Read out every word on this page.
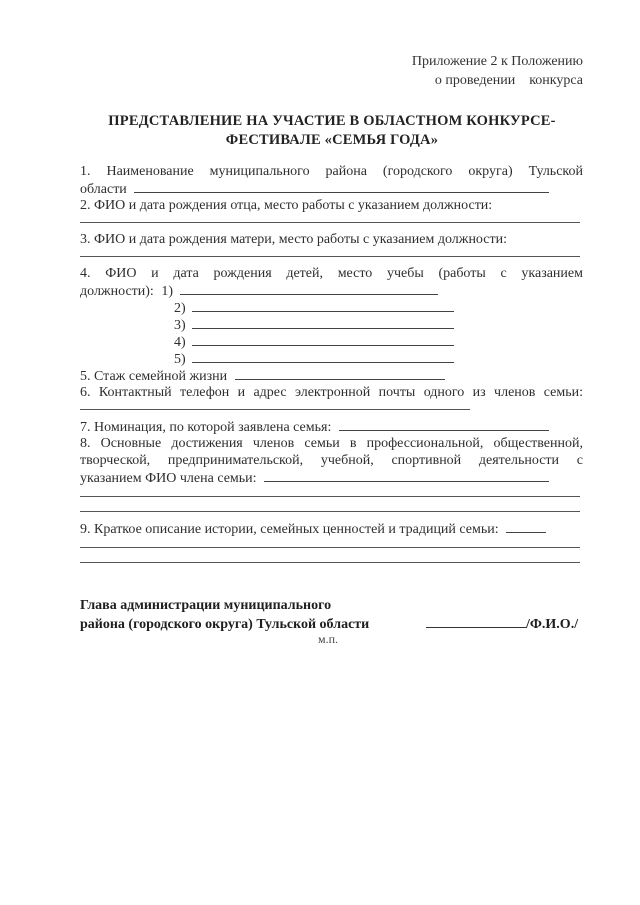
Приложение 2 к Положению
о проведении    конкурса
ПРЕДСТАВЛЕНИЕ НА УЧАСТИЕ В ОБЛАСТНОМ КОНКУРСЕ-
ФЕСТИВАЛЕ «СЕМЬЯ ГОДА»
1. Наименование муниципального района (городского округа) Тульской
области
2. ФИО и дата рождения отца, место работы с указанием должности:
3. ФИО и дата рождения матери, место работы с указанием должности:
4. ФИО и дата рождения детей, место учебы (работы с указанием
должности): 1)
2)
3)
4)
5)
5. Стаж семейной жизни
6. Контактный телефон и адрес электронной почты одного из членов семьи:
7. Номинация, по которой заявлена семья:
8. Основные достижения членов семьи в профессиональной, общественной,
творческой, предпринимательской, учебной, спортивной деятельности с
указанием ФИО члена семьи:
9. Краткое описание истории, семейных ценностей и традиций семьи:
Глава администрации муниципального
района (городского округа) Тульской области	/Ф.И.О./
м.п.
